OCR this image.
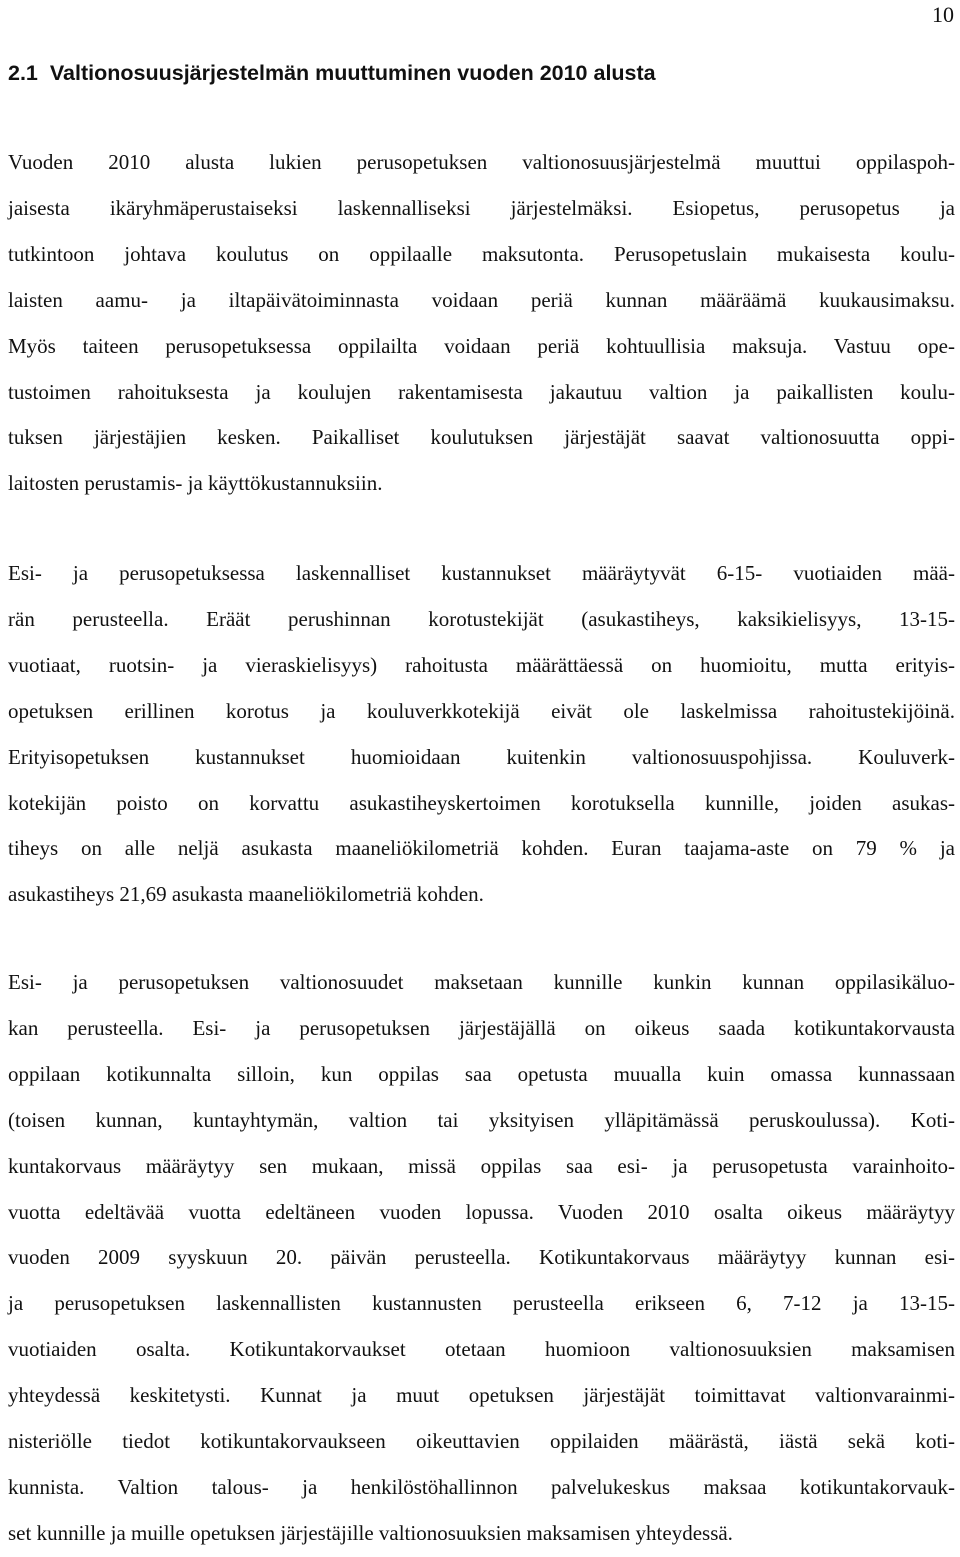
10
2.1 Valtionosuusjärjestelmän muuttuminen vuoden 2010 alusta
Vuoden 2010 alusta lukien perusopetuksen valtionosuusjärjestelmä muuttui oppilaspoh-
jaisesta ikäryhmäperustaiseksi laskennalliseksi järjestelmäksi. Esiopetus, perusopetus ja
tutkintoon johtava koulutus on oppilaalle maksutonta. Perusopetuslain mukaisesta koulu-
laisten aamu- ja iltapäivätoiminnasta voidaan periä kunnan määräämä kuukausimaksu.
Myös taiteen perusopetuksessa oppilailta voidaan periä kohtuullisia maksuja. Vastuu ope-
tustoimen rahoituksesta ja koulujen rakentamisesta jakautuu valtion ja paikallisten koulu-
tuksen järjestäjien kesken. Paikalliset koulutuksen järjestäjät saavat valtionosuutta oppi-
laitosten perustamis- ja käyttökustannuksiin.
Esi- ja perusopetuksessa laskennalliset kustannukset määräytyvät 6-15- vuotiaiden mää-
rän perusteella. Eräät perushinnan korotustekijät (asukastiheys, kaksikielisyys, 13-15-
vuotiaat, ruotsin- ja vieraskielisyys) rahoitusta määrättäessä on huomioitu, mutta erityis-
opetuksen erillinen korotus ja kouluverkkotekijä eivät ole laskelmissa rahoitustekijöinä.
Erityisopetuksen kustannukset huomioidaan kuitenkin valtionosuuspohjissa. Kouluverk-
kotekijän poisto on korvattu asukastiheyskertoimen korotuksella kunnille, joiden asukas-
tiheys on alle neljä asukasta maaneliökilometriä kohden. Euran taajama-aste on 79 % ja
asukastiheys 21,69 asukasta maaneliökilometriä kohden.
Esi- ja perusopetuksen valtionosuudet maksetaan kunnille kunkin kunnan oppilasikäluo-
kan perusteella. Esi- ja perusopetuksen järjestäjällä on oikeus saada kotikuntakorvausta
oppilaan kotikunnalta silloin, kun oppilas saa opetusta muualla kuin omassa kunnassaan
(toisen kunnan, kuntayhtymän, valtion tai yksityisen ylläpitämässä peruskoulussa). Koti-
kuntakorvaus määräytyy sen mukaan, missä oppilas saa esi- ja perusopetusta varainhoito-
vuotta edeltävää vuotta edeltäneen vuoden lopussa. Vuoden 2010 osalta oikeus määräytyy
vuoden 2009 syyskuun 20. päivän perusteella. Kotikuntakorvaus määräytyy kunnan esi-
ja perusopetuksen laskennallisten kustannusten perusteella erikseen 6, 7-12 ja 13-15-
vuotiaiden osalta. Kotikuntakorvaukset otetaan huomioon valtionosuuksien maksamisen
yhteydessä keskitetysti. Kunnat ja muut opetuksen järjestäjät toimittavat valtionvarainmi-
nisteriölle tiedot kotikuntakorvaukseen oikeuttavien oppilaiden määrästä, iästä sekä koti-
kunnista. Valtion talous- ja henkilöstöhallinnon palvelukeskus maksaa kotikuntakorvauk-
set kunnille ja muille opetuksen järjestäjille valtionosuuksien maksamisen yhteydessä.
